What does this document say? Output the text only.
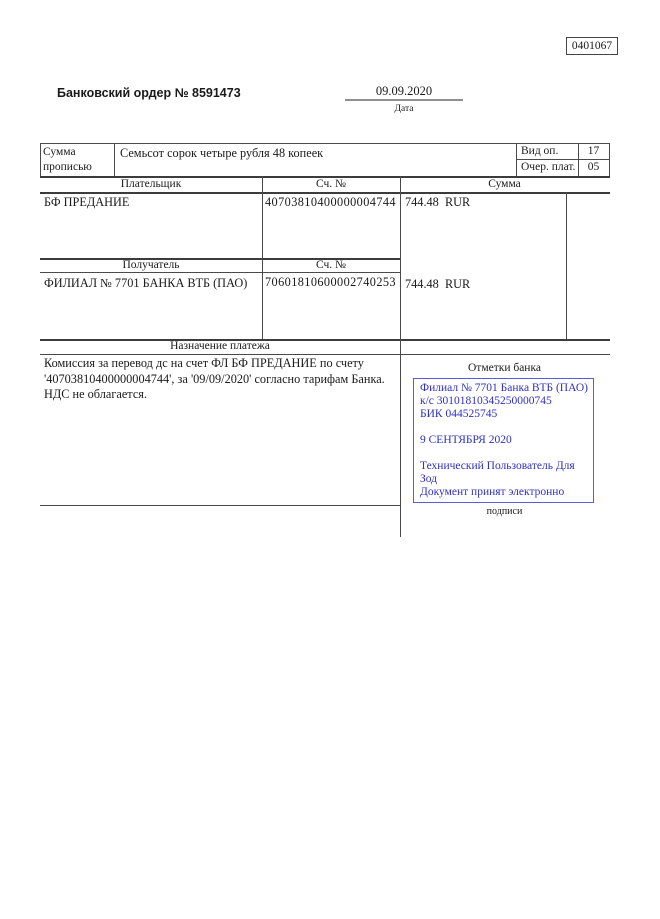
0401067
Банковский ордер № 8591473	09.09.2020
Дата
Сумма прописью
Семьсот сорок четыре рубля 48 копеек	Вид оп.	17
Очер. плат.	05
Плательщик	Сч. №	Сумма
БФ ПРЕДАНИЕ	40703810400000004744 744.48  RUR
Получатель	Сч. №
ФИЛИАЛ № 7701 БАНКА ВТБ (ПАО) 70601810600002740253 744.48  RUR
Назначение платежа
Комиссия за перевод дс на счет ФЛ БФ ПРЕДАНИЕ по счету '40703810400000004744', за '09/09/2020' согласно тарифам Банка. НДС не облагается.
Отметки банка
Филиал № 7701 Банка ВТБ (ПАО)
к/с 30101810345250000745
БИК 044525745
9 СЕНТЯБРЯ 2020
Технический Пользователь Для
Зод
Документ принят электронно
подписи
